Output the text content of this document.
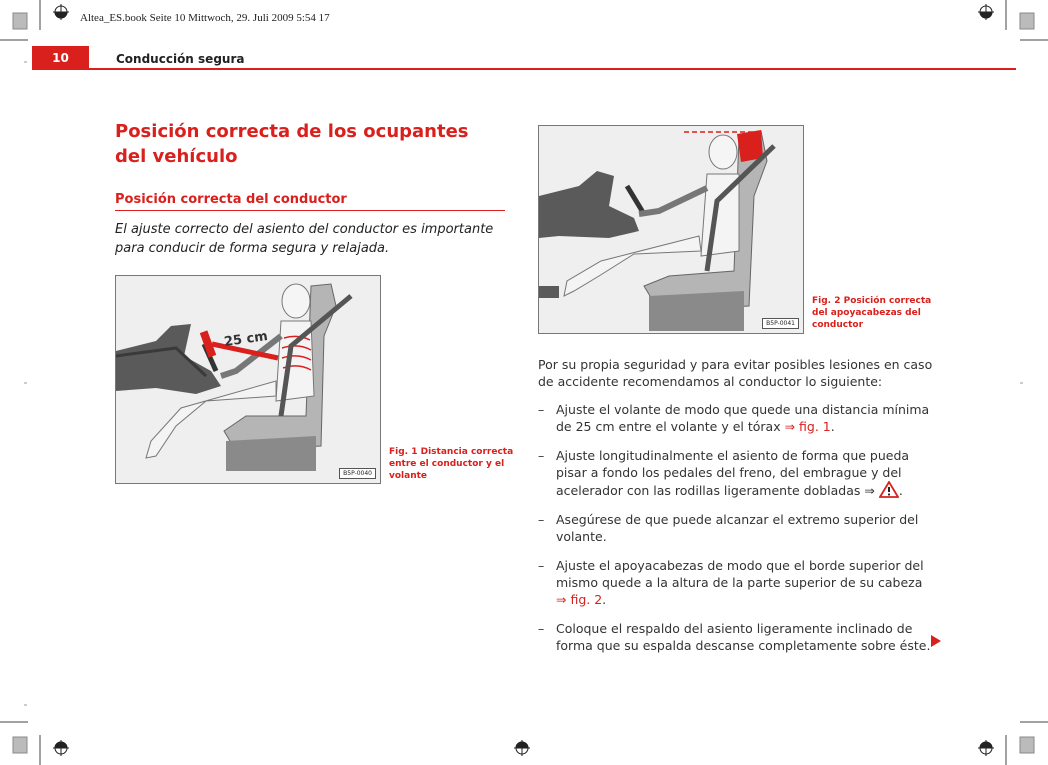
Altea_ES.book Seite 10 Mittwoch, 29. Juli 2009 5:54 17
10	Conducción segura
Posición correcta de los ocupantes del vehículo
Posición correcta del conductor
El ajuste correcto del asiento del conductor es importante para conducir de forma segura y relajada.
25 cm
B5P-0040
Fig. 1 Distancia correcta entre el conductor y el volante
B5P-0041
Fig. 2 Posición correcta del apoyacabezas del conductor
Por su propia seguridad y para evitar posibles lesiones en caso de accidente recomendamos al conductor lo siguiente:
– Ajuste el volante de modo que quede una distancia mínima de 25 cm entre el volante y el tórax ⇒ fig. 1.
– Ajuste longitudinalmente el asiento de forma que pueda pisar a fondo los pedales del freno, del embrague y del acelerador con las rodillas ligeramente dobladas ⇒ .
– Asegúrese de que puede alcanzar el extremo superior del volante.
– Ajuste el apoyacabezas de modo que el borde superior del mismo quede a la altura de la parte superior de su cabeza
⇒ fig. 2.
– Coloque el respaldo del asiento ligeramente inclinado de forma que su espalda descanse completamente sobre éste.
